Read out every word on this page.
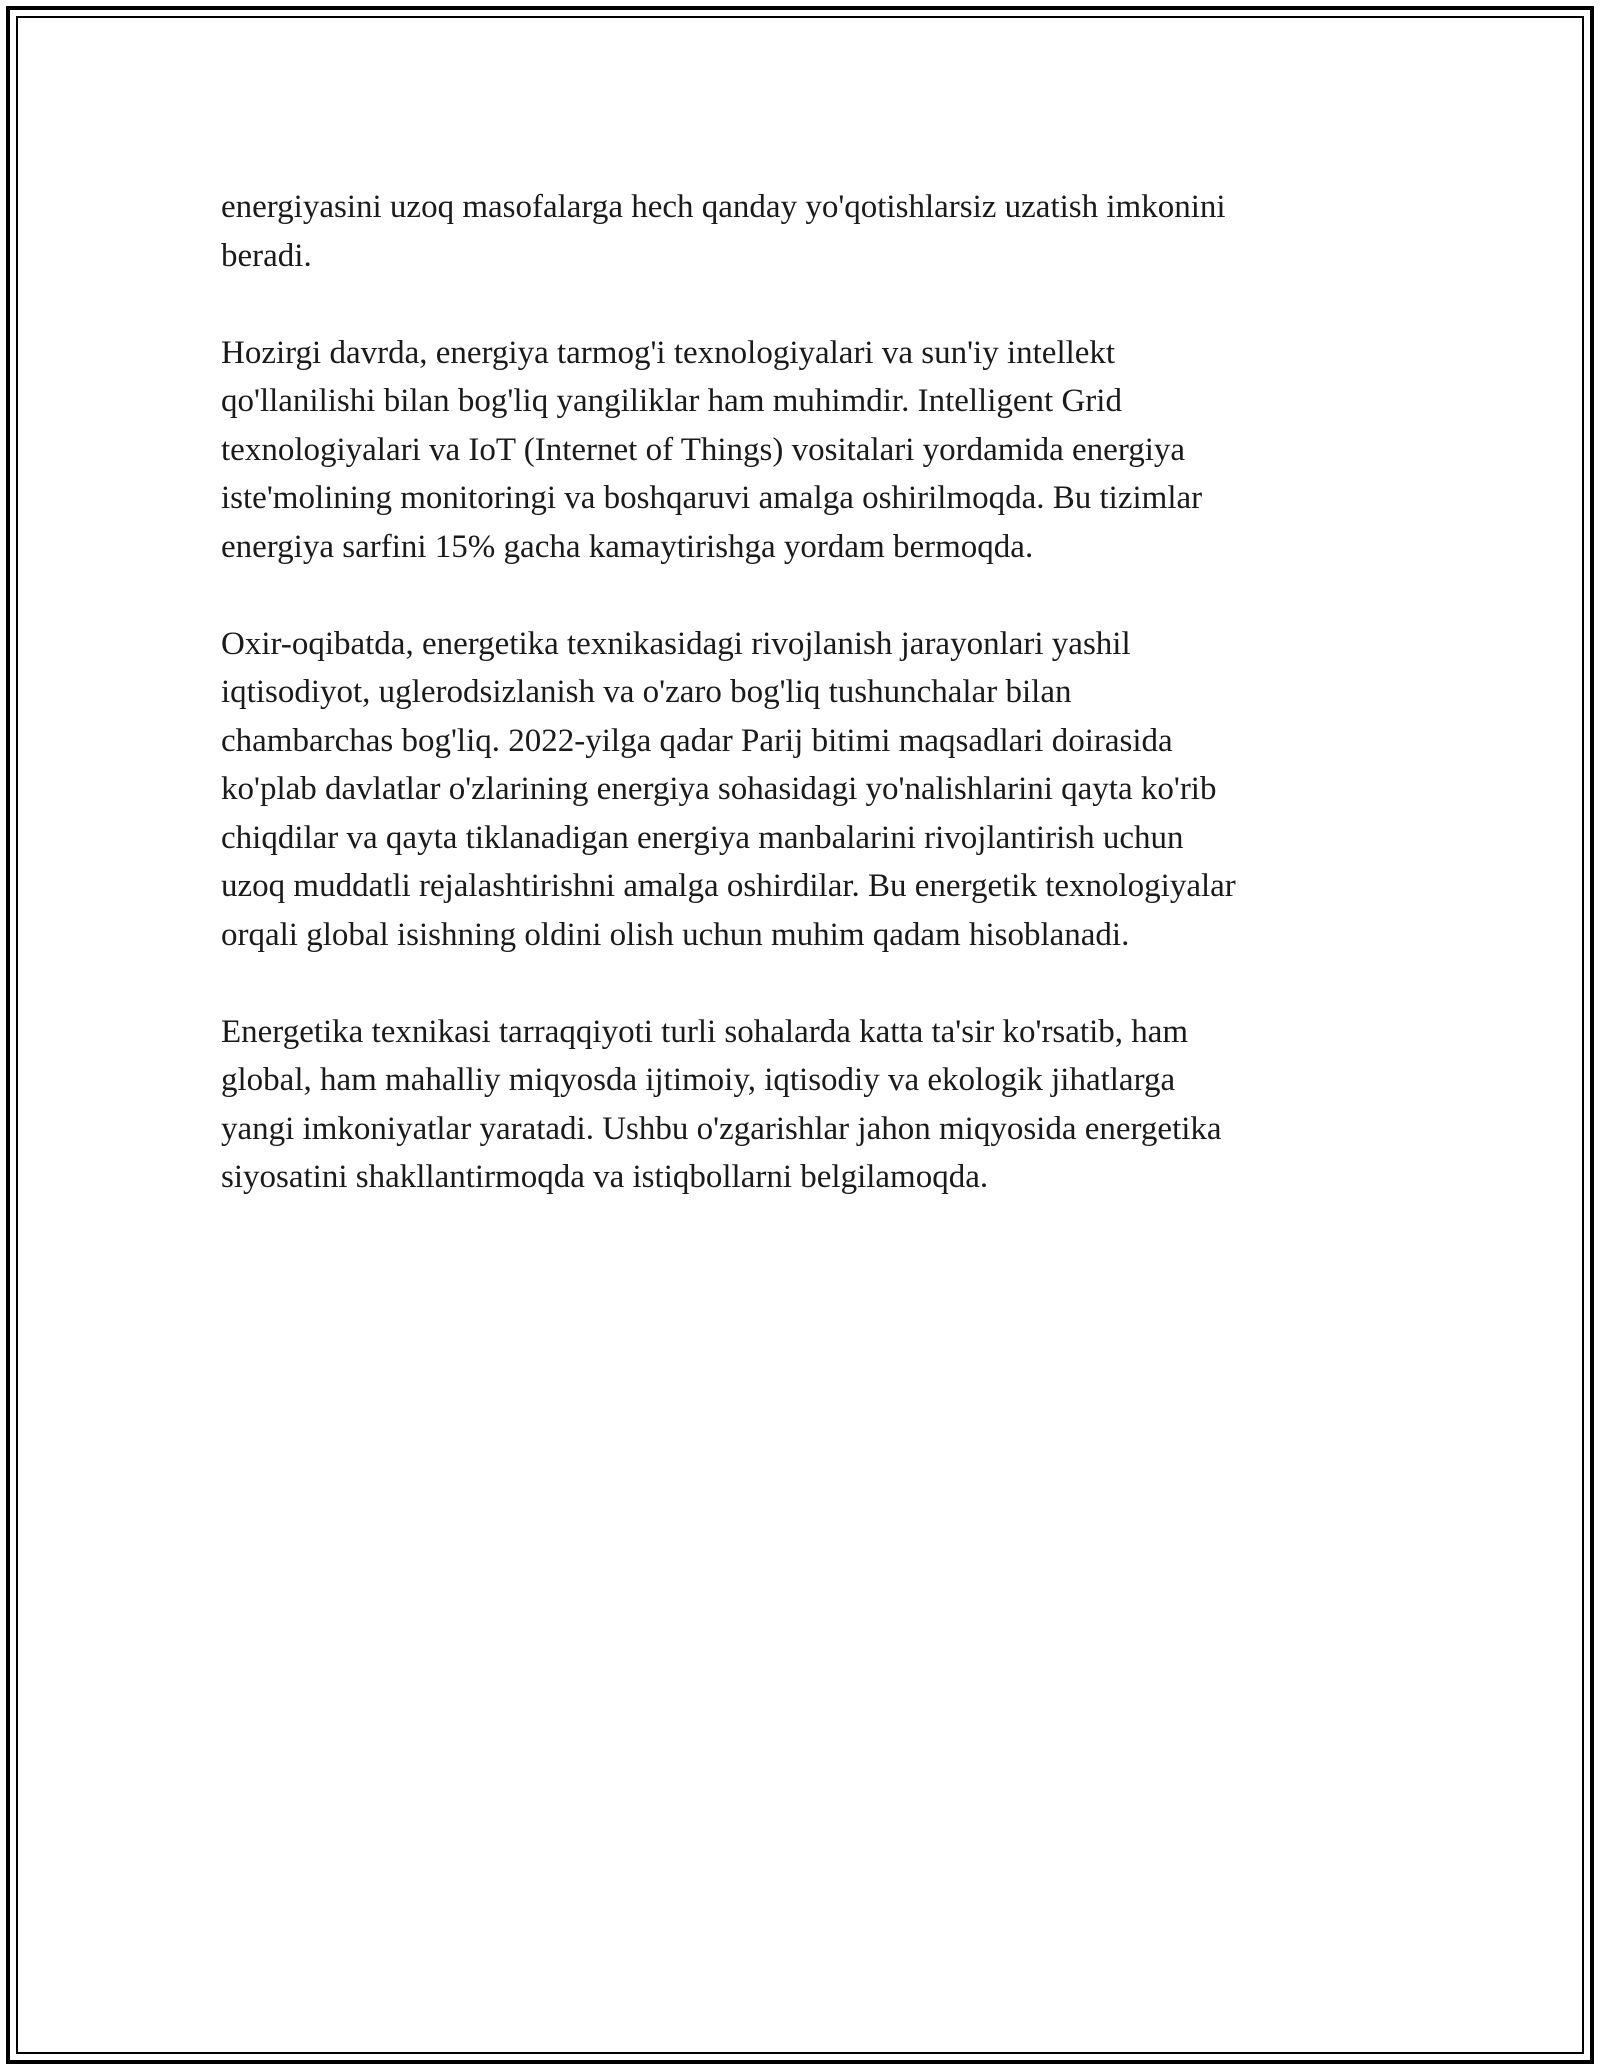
energiyasini uzoq masofalarga hech qanday yo'qotishlarsiz uzatish imkonini
beradi.

Hozirgi davrda, energiya tarmog'i texnologiyalari va sun'iy intellekt
qo'llanilishi bilan bog'liq yangiliklar ham muhimdir. Intelligent Grid
texnologiyalari va IoT (Internet of Things) vositalari yordamida energiya
iste'molining monitoringi va boshqaruvi amalga oshirilmoqda. Bu tizimlar
energiya sarfini 15% gacha kamaytirishga yordam bermoqda.

Oxir-oqibatda, energetika texnikasidagi rivojlanish jarayonlari yashil
iqtisodiyot, uglerodsizlanish va o'zaro bog'liq tushunchalar bilan
chambarchas bog'liq. 2022-yilga qadar Parij bitimi maqsadlari doirasida
ko'plab davlatlar o'zlarining energiya sohasidagi yo'nalishlarini qayta ko'rib
chiqdilar va qayta tiklanadigan energiya manbalarini rivojlantirish uchun
uzoq muddatli rejalashtirishni amalga oshirdilar. Bu energetik texnologiyalar
orqali global isishning oldini olish uchun muhim qadam hisoblanadi.

Energetika texnikasi tarraqqiyoti turli sohalarda katta ta'sir ko'rsatib, ham
global, ham mahalliy miqyosda ijtimoiy, iqtisodiy va ekologik jihatlarga
yangi imkoniyatlar yaratadi. Ushbu o'zgarishlar jahon miqyosida energetika
siyosatini shakllantirmoqda va istiqbollarni belgilamoqda.
